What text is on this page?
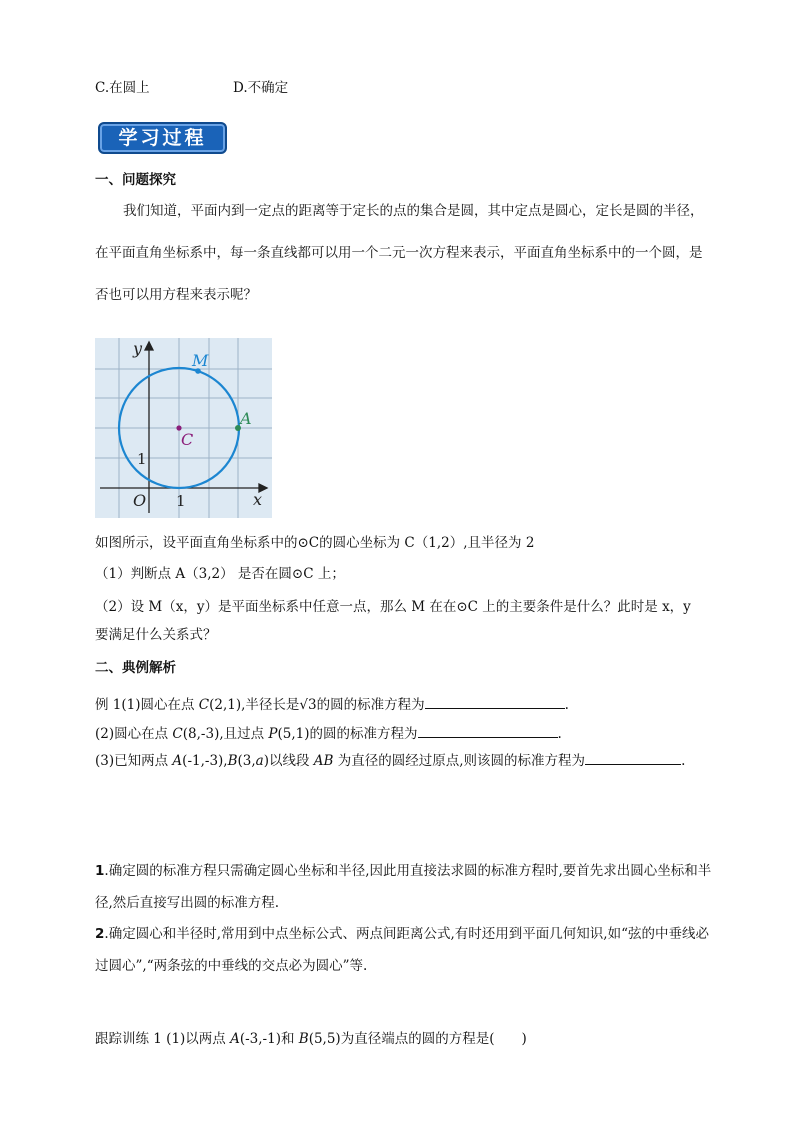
C.在圆上	D.不确定
学习过程
一、问题探究
我们知道，平面内到一定点的距离等于定长的点的集合是圆，其中定点是圆心，定长是圆的半径，在平面直角坐标系中，每一条直线都可以用一个二元一次方程来表示，平面直角坐标系中的一个圆，是否也可以用方程来表示呢？
y
x
O
M
A
C
1
1
如图所示，设平面直角坐标系中的⊙C的圆心坐标为 C（1,2）,且半径为 2
（1）判断点 A（3,2） 是否在圆⊙C 上；
（2）设 M（x，y）是平面坐标系中任意一点，那么 M 在在⊙C 上的主要条件是什么？此时是 x，y
要满足什么关系式？
二、典例解析
例 1(1)圆心在点 C(2,1),半径长是√3的圆的标准方程为	.
(2)圆心在点 C(8,-3),且过点 P(5,1)的圆的标准方程为	.
(3)已知两点 A(-1,-3),B(3,a)以线段 AB 为直径的圆经过原点,则该圆的标准方程为	.
1.确定圆的标准方程只需确定圆心坐标和半径,因此用直接法求圆的标准方程时,要首先求出圆心坐标和半径,然后直接写出圆的标准方程.
2.确定圆心和半径时,常用到中点坐标公式、两点间距离公式,有时还用到平面几何知识,如“弦的中垂线必过圆心”,“两条弦的中垂线的交点必为圆心”等.
跟踪训练 1 (1)以两点 A(-3,-1)和 B(5,5)为直径端点的圆的方程是(　　)
